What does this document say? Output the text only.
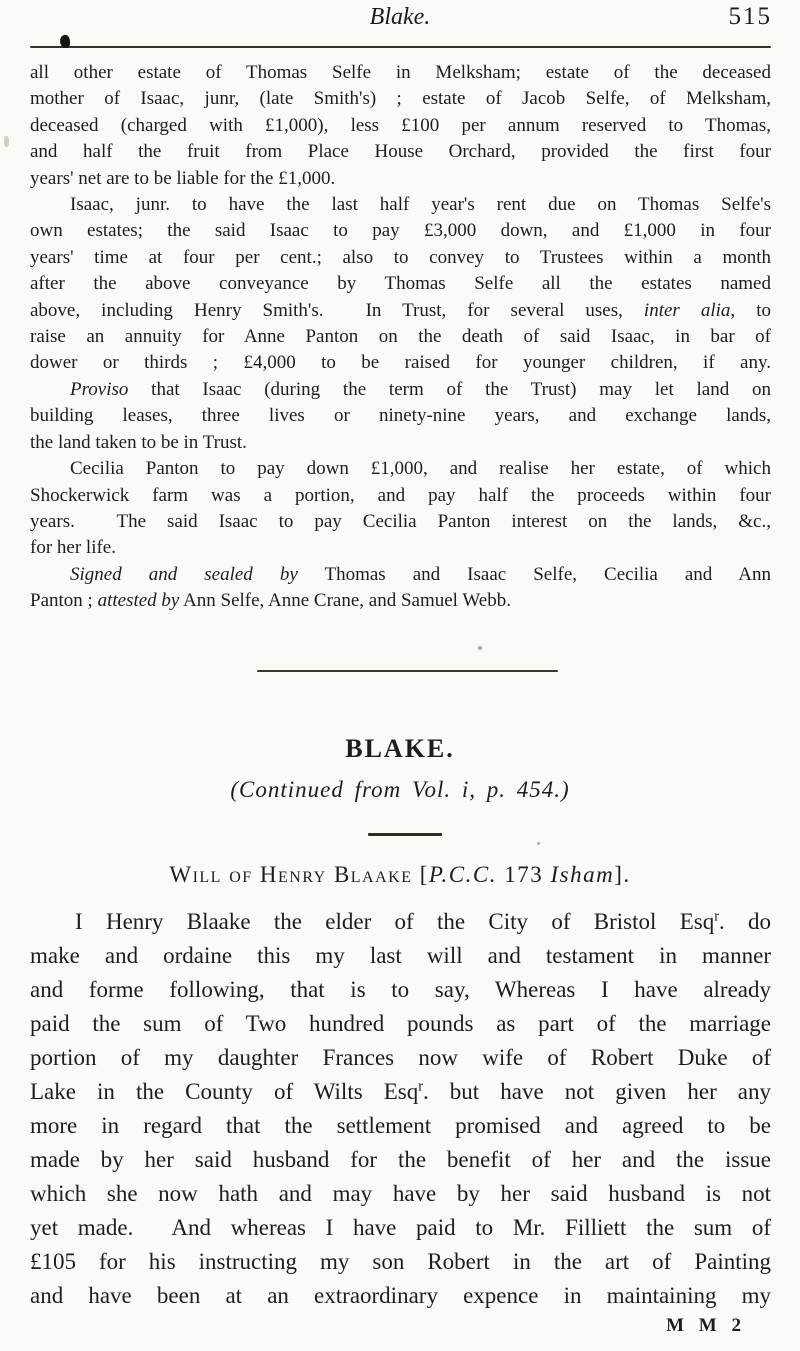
Blake.	515
all other estate of Thomas Selfe in Melksham; estate of the deceased
mother of Isaac, junr, (late Smith's) ; estate of Jacob Selfe, of Melksham,
deceased (charged with £1,000), less £100 per annum reserved to Thomas,
and half the fruit from Place House Orchard, provided the first four
years' net are to be liable for the £1,000.
Isaac, junr. to have the last half year's rent due on Thomas Selfe's
own estates; the said Isaac to pay £3,000 down, and £1,000 in four
years' time at four per cent.; also to convey to Trustees within a month
after the above conveyance by Thomas Selfe all the estates named
above, including Henry Smith's.  In Trust, for several uses, inter alia, to
raise an annuity for Anne Panton on the death of said Isaac, in bar of
dower or thirds ; £4,000 to be raised for younger children, if any.
Proviso that Isaac (during the term of the Trust) may let land on
building leases, three lives or ninety-nine years, and exchange lands,
the land taken to be in Trust.
Cecilia Panton to pay down £1,000, and realise her estate, of which
Shockerwick farm was a portion, and pay half the proceeds within four
years.  The said Isaac to pay Cecilia Panton interest on the lands, &c.,
for her life.
Signed and sealed by Thomas and Isaac Selfe, Cecilia and Ann
Panton ; attested by Ann Selfe, Anne Crane, and Samuel Webb.
BLAKE.
(Continued from Vol. i, p. 454.)
Will of Henry Blaake [P.C.C. 173 Isham].
I Henry Blaake the elder of the City of Bristol Esq$^r$. do
make and ordaine this my last will and testament in manner
and forme following, that is to say, Whereas I have already
paid the sum of Two hundred pounds as part of the marriage
portion of my daughter Frances now wife of Robert Duke of
Lake in the County of Wilts Esq$^r$. but have not given her any
more in regard that the settlement promised and agreed to be
made by her said husband for the benefit of her and the issue
which she now hath and may have by her said husband is not
yet made.  And whereas I have paid to Mr. Filliett the sum of
£105 for his instructing my son Robert in the art of Painting
and have been at an extraordinary expence in maintaining my
M M 2
